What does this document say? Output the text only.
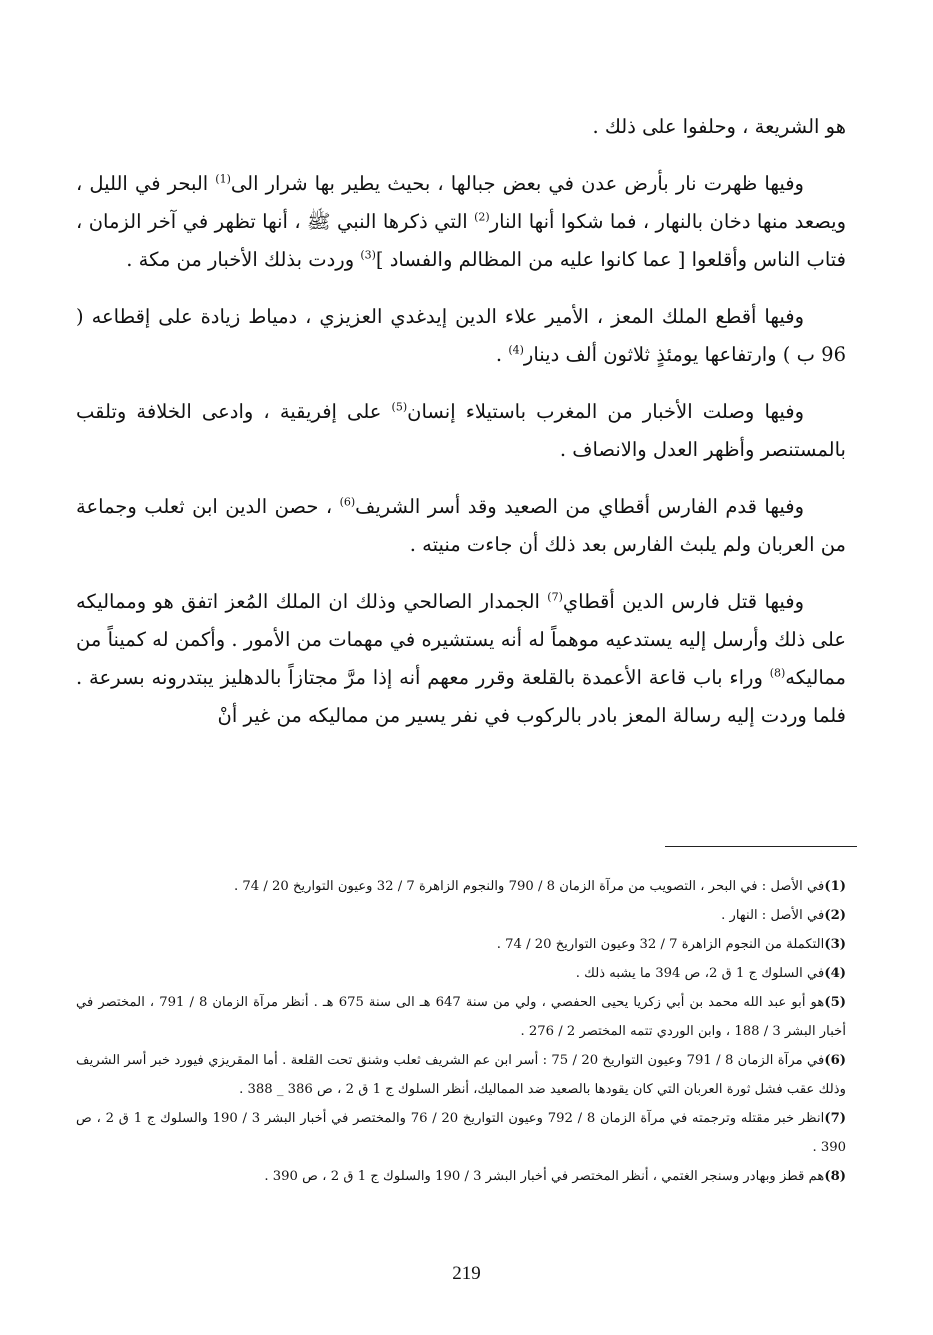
هو الشريعة ، وحلفوا على ذلك .

وفيها ظهرت نار بأرض عدن في بعض جبالها ، بحيث يطير بها شرار الى$^{(1)}$ البحر في الليل ، ويصعد منها دخان بالنهار ، فما شكوا أنها النار$^{(2)}$ التي ذكرها النبي ﷺ ، أنها تظهر في آخر الزمان ، فتاب الناس وأقلعوا [ عما كانوا عليه من المظالم والفساد ]$^{(3)}$ وردت بذلك الأخبار من مكة .

وفيها أقطع الملك المعز ، الأمير علاء الدين إيدغدي العزيزي ، دمياط زيادة على إقطاعه ( 96 ب ) وارتفاعها يومئذٍ ثلاثون ألف دينار$^{(4)}$ .

وفيها وصلت الأخبار من المغرب باستيلاء إنسان$^{(5)}$ على إفريقية ، وادعى الخلافة وتلقب بالمستنصر وأظهر العدل والانصاف .

وفيها قدم الفارس أقطاي من الصعيد وقد أسر الشريف$^{(6)}$ ، حصن الدين ابن ثعلب وجماعة من العربان ولم يلبث الفارس بعد ذلك أن جاءت منيته .

وفيها قتل فارس الدين أقطاي$^{(7)}$ الجمدار الصالحي وذلك ان الملك المُعز اتفق هو ومماليكه على ذلك وأرسل إليه يستدعيه موهماً له أنه يستشيره في مهمات من الأمور . وأكمن له كميناً من مماليكه$^{(8)}$ وراء باب قاعة الأعمدة بالقلعة وقرر معهم أنه إذا مرَّ مجتازاً بالدهليز يبتدرونه بسرعة . فلما وردت إليه رسالة المعز بادر بالركوب في نفر يسير من مماليكه من غير أنْ

(1)في الأصل : في البحر ، التصويب من مرآة الزمان 8 / 790 والنجوم الزاهرة 7 / 32 وعيون التواريخ 20 / 74 .

(2)في الأصل : النهار .

(3)التكملة من النجوم الزاهرة 7 / 32 وعيون التواريخ 20 / 74 .

(4)في السلوك ج 1 ق 2، ص 394 ما يشبه ذلك .

(5)هو أبو عبد الله محمد بن أبي زكريا يحيى الحفصي ، ولي من سنة 647 هـ الى سنة 675 هـ . أنظر مرآة الزمان 8 / 791 ، المختصر في أخبار البشر 3 / 188 ، وابن الوردي تتمه المختصر 2 / 276 .

(6)في مرآة الزمان 8 / 791 وعيون التواريخ 20 / 75 : أسر ابن عم الشريف ثعلب وشنق تحت القلعة . أما المقريزي فيورد خبر أسر الشريف وذلك عقب فشل ثورة العربان التي كان يقودها بالصعيد ضد المماليك، أنظر السلوك ج 1 ق 2 ، ص 386 _ 388 .

(7)انظر خبر مقتله وترجمته في مرآة الزمان 8 / 792 وعيون التواريخ 20 / 76 والمختصر في أخبار البشر 3 / 190 والسلوك ج 1 ق 2 ، ص 390 .

(8)هم قطز وبهادر وسنجر الغتمي ، أنظر المختصر في أخبار البشر 3 / 190 والسلوك ج 1 ق 2 ، ص 390 .

219
